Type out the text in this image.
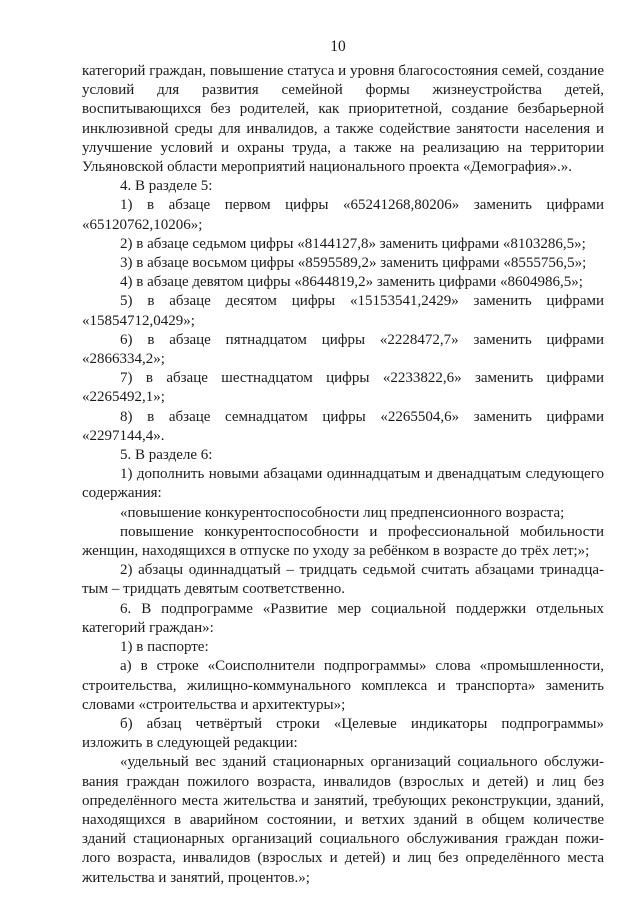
10

категорий граждан, повышение статуса и уровня благосостояния семей, создание условий для развития семейной формы жизнеустройства детей, воспитывающихся без родителей, как приоритетной, создание безбарьерной инклюзивной среды для инвалидов, а также содействие занятости населения и улучшение условий и охраны труда, а также на реализацию на территории Ульяновской области мероприятий национального проекта «Демография».».

4. В разделе 5:

1) в абзаце первом цифры «65241268,80206» заменить цифрами «65120762,10206»;

2) в абзаце седьмом цифры «8144127,8» заменить цифрами «8103286,5»;

3) в абзаце восьмом цифры «8595589,2» заменить цифрами «8555756,5»;

4) в абзаце девятом цифры «8644819,2» заменить цифрами «8604986,5»;

5) в абзаце десятом цифры «15153541,2429» заменить цифрами «15854712,0429»;

6) в абзаце пятнадцатом цифры «2228472,7» заменить цифрами «2866334,2»;

7) в абзаце шестнадцатом цифры «2233822,6» заменить цифрами «2265492,1»;

8) в абзаце семнадцатом цифры «2265504,6» заменить цифрами «2297144,4».

5. В разделе 6:

1) дополнить новыми абзацами одиннадцатым и двенадцатым следующего содержания:

«повышение конкурентоспособности лиц предпенсионного возраста;

повышение конкурентоспособности и профессиональной мобильности женщин, находящихся в отпуске по уходу за ребёнком в возрасте до трёх лет;»;

2) абзацы одиннадцатый – тридцать седьмой считать абзацами тринадцатым – тридцать девятым соответственно.

6. В подпрограмме «Развитие мер социальной поддержки отдельных категорий граждан»:

1) в паспорте:

а) в строке «Соисполнители подпрограммы» слова «промышленности, строительства, жилищно-коммунального комплекса и транспорта» заменить словами «строительства и архитектуры»;

б) абзац четвёртый строки «Целевые индикаторы подпрограммы» изложить в следующей редакции:

«удельный вес зданий стационарных организаций социального обслуживания граждан пожилого возраста, инвалидов (взрослых и детей) и лиц без определённого места жительства и занятий, требующих реконструкции, зданий, находящихся в аварийном состоянии, и ветхих зданий в общем количестве зданий стационарных организаций социального обслуживания граждан пожилого возраста, инвалидов (взрослых и детей) и лиц без определённого места жительства и занятий, процентов.»;
